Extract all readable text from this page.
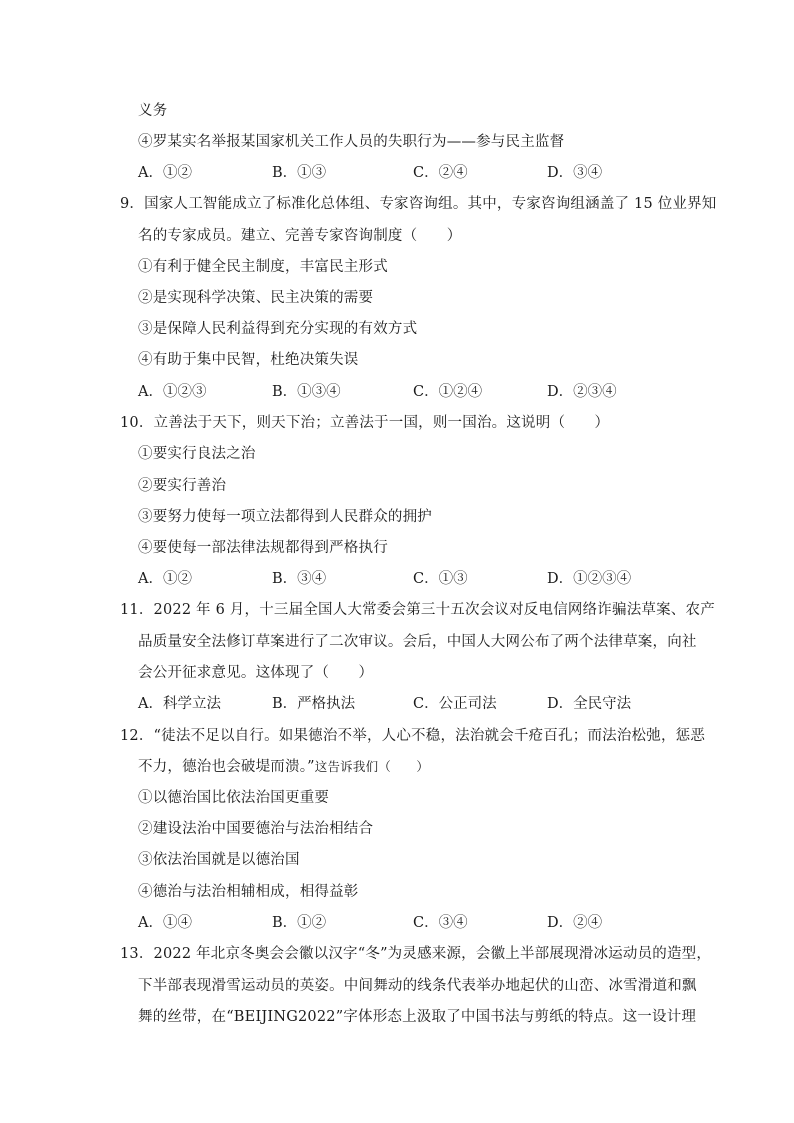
义务
④罗某实名举报某国家机关工作人员的失职行为——参与民主监督
A．①②	B．①③	C．②④	D．③④
9．国家人工智能成立了标准化总体组、专家咨询组。其中，专家咨询组涵盖了 15 位业界知
名的专家成员。建立、完善专家咨询制度（　　）
①有利于健全民主制度，丰富民主形式
②是实现科学决策、民主决策的需要
③是保障人民利益得到充分实现的有效方式
④有助于集中民智，杜绝决策失误
A．①②③	B．①③④	C．①②④	D．②③④
10．立善法于天下，则天下治；立善法于一国，则一国治。这说明（　　）
①要实行良法之治
②要实行善治
③要努力使每一项立法都得到人民群众的拥护
④要使每一部法律法规都得到严格执行
A．①②	B．③④	C．①③	D．①②③④
11．2022 年 6 月，十三届全国人大常委会第三十五次会议对反电信网络诈骗法草案、农产
品质量安全法修订草案进行了二次审议。会后，中国人大网公布了两个法律草案，向社
会公开征求意见。这体现了（　　）
A．科学立法	B．严格执法	C．公正司法	D．全民守法
12．“徒法不足以自行。如果德治不举，人心不稳，法治就会千疮百孔；而法治松弛，惩恶
不力，德治也会破堤而溃。”这告诉我们（　　）
①以德治国比依法治国更重要
②建设法治中国要德治与法治相结合
③依法治国就是以德治国
④德治与法治相辅相成，相得益彰
A．①④	B．①②	C．③④	D．②④
13．2022 年北京冬奥会会徽以汉字“冬”为灵感来源，会徽上半部展现滑冰运动员的造型，
下半部表现滑雪运动员的英姿。中间舞动的线条代表举办地起伏的山峦、冰雪滑道和飘
舞的丝带，在“BEIJING2022”字体形态上汲取了中国书法与剪纸的特点。这一设计理
